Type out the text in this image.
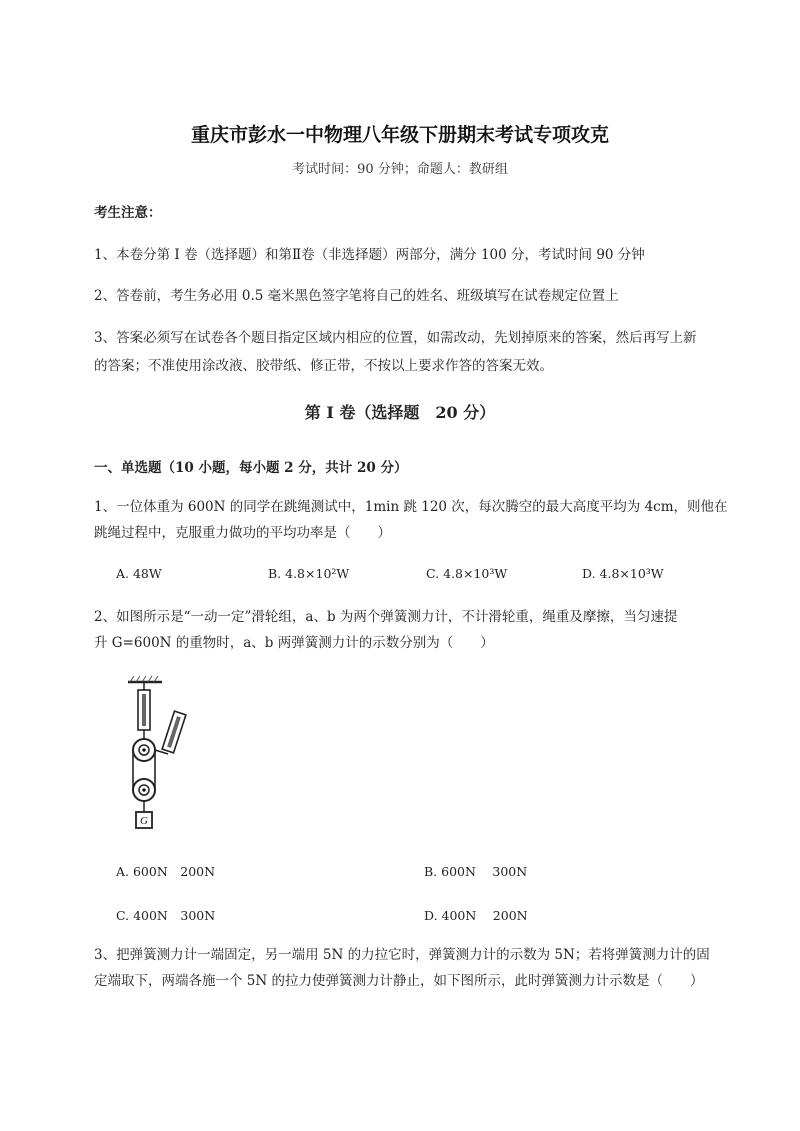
重庆市彭水一中物理八年级下册期末考试专项攻克
考试时间：90 分钟；命题人：教研组
考生注意：
1、本卷分第 I 卷（选择题）和第Ⅱ卷（非选择题）两部分，满分 100 分，考试时间 90 分钟
2、答卷前，考生务必用 0.5 毫米黑色签字笔将自己的姓名、班级填写在试卷规定位置上
3、答案必须写在试卷各个题目指定区域内相应的位置，如需改动，先划掉原来的答案，然后再写上新的答案；不准使用涂改液、胶带纸、修正带，不按以上要求作答的答案无效。
第 I 卷（选择题　20 分）
一、单选题（10 小题，每小题 2 分，共计 20 分）
1、一位体重为 600N 的同学在跳绳测试中，1min 跳 120 次，每次腾空的最大高度平均为 4cm，则他在
跳绳过程中，克服重力做功的平均功率是（　　）
A. 48W	B. 4.8×10²W	C. 4.8×10³W	D. 4.8×10³W
2、如图所示是“一动一定”滑轮组，a、b 为两个弹簧测力计，不计滑轮重，绳重及摩擦，当匀速提
升 G=600N 的重物时，a、b 两弹簧测力计的示数分别为（　　）
G
A. 600N　200N	B. 600N　 300N
C. 400N　300N	D. 400N　 200N
3、把弹簧测力计一端固定，另一端用 5N 的力拉它时，弹簧测力计的示数为 5N；若将弹簧测力计的固
定端取下，两端各施一个 5N 的拉力使弹簧测力计静止，如下图所示，此时弹簧测力计示数是（　　）
